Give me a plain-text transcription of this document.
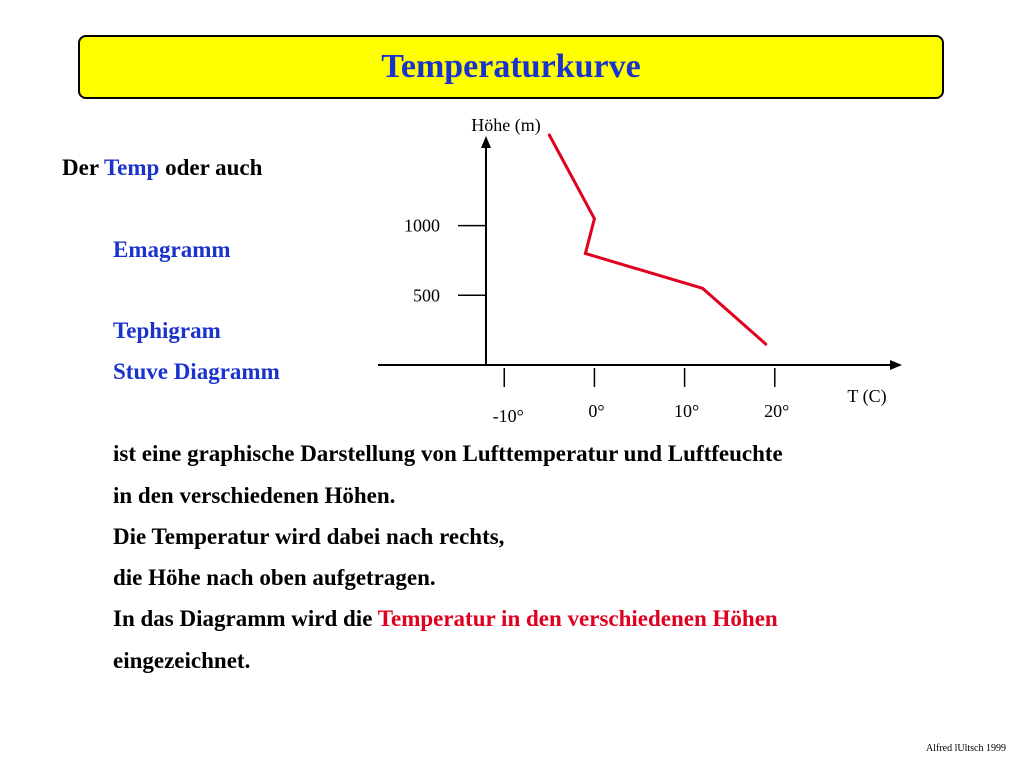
Temperaturkurve
Der Temp oder auch
Emagramm
Tephigram
Stuve Diagramm
ist eine graphische Darstellung von Lufttemperatur und Luftfeuchte
in den verschiedenen Höhen.
Die Temperatur wird dabei nach rechts,
die Höhe nach oben aufgetragen.
In das Diagramm wird die Temperatur in den verschiedenen Höhen
eingezeichnet.
Höhe (m)
T (C)
500
1000
-10°	0°	10°	20°
Alfred lUltsch 1999
